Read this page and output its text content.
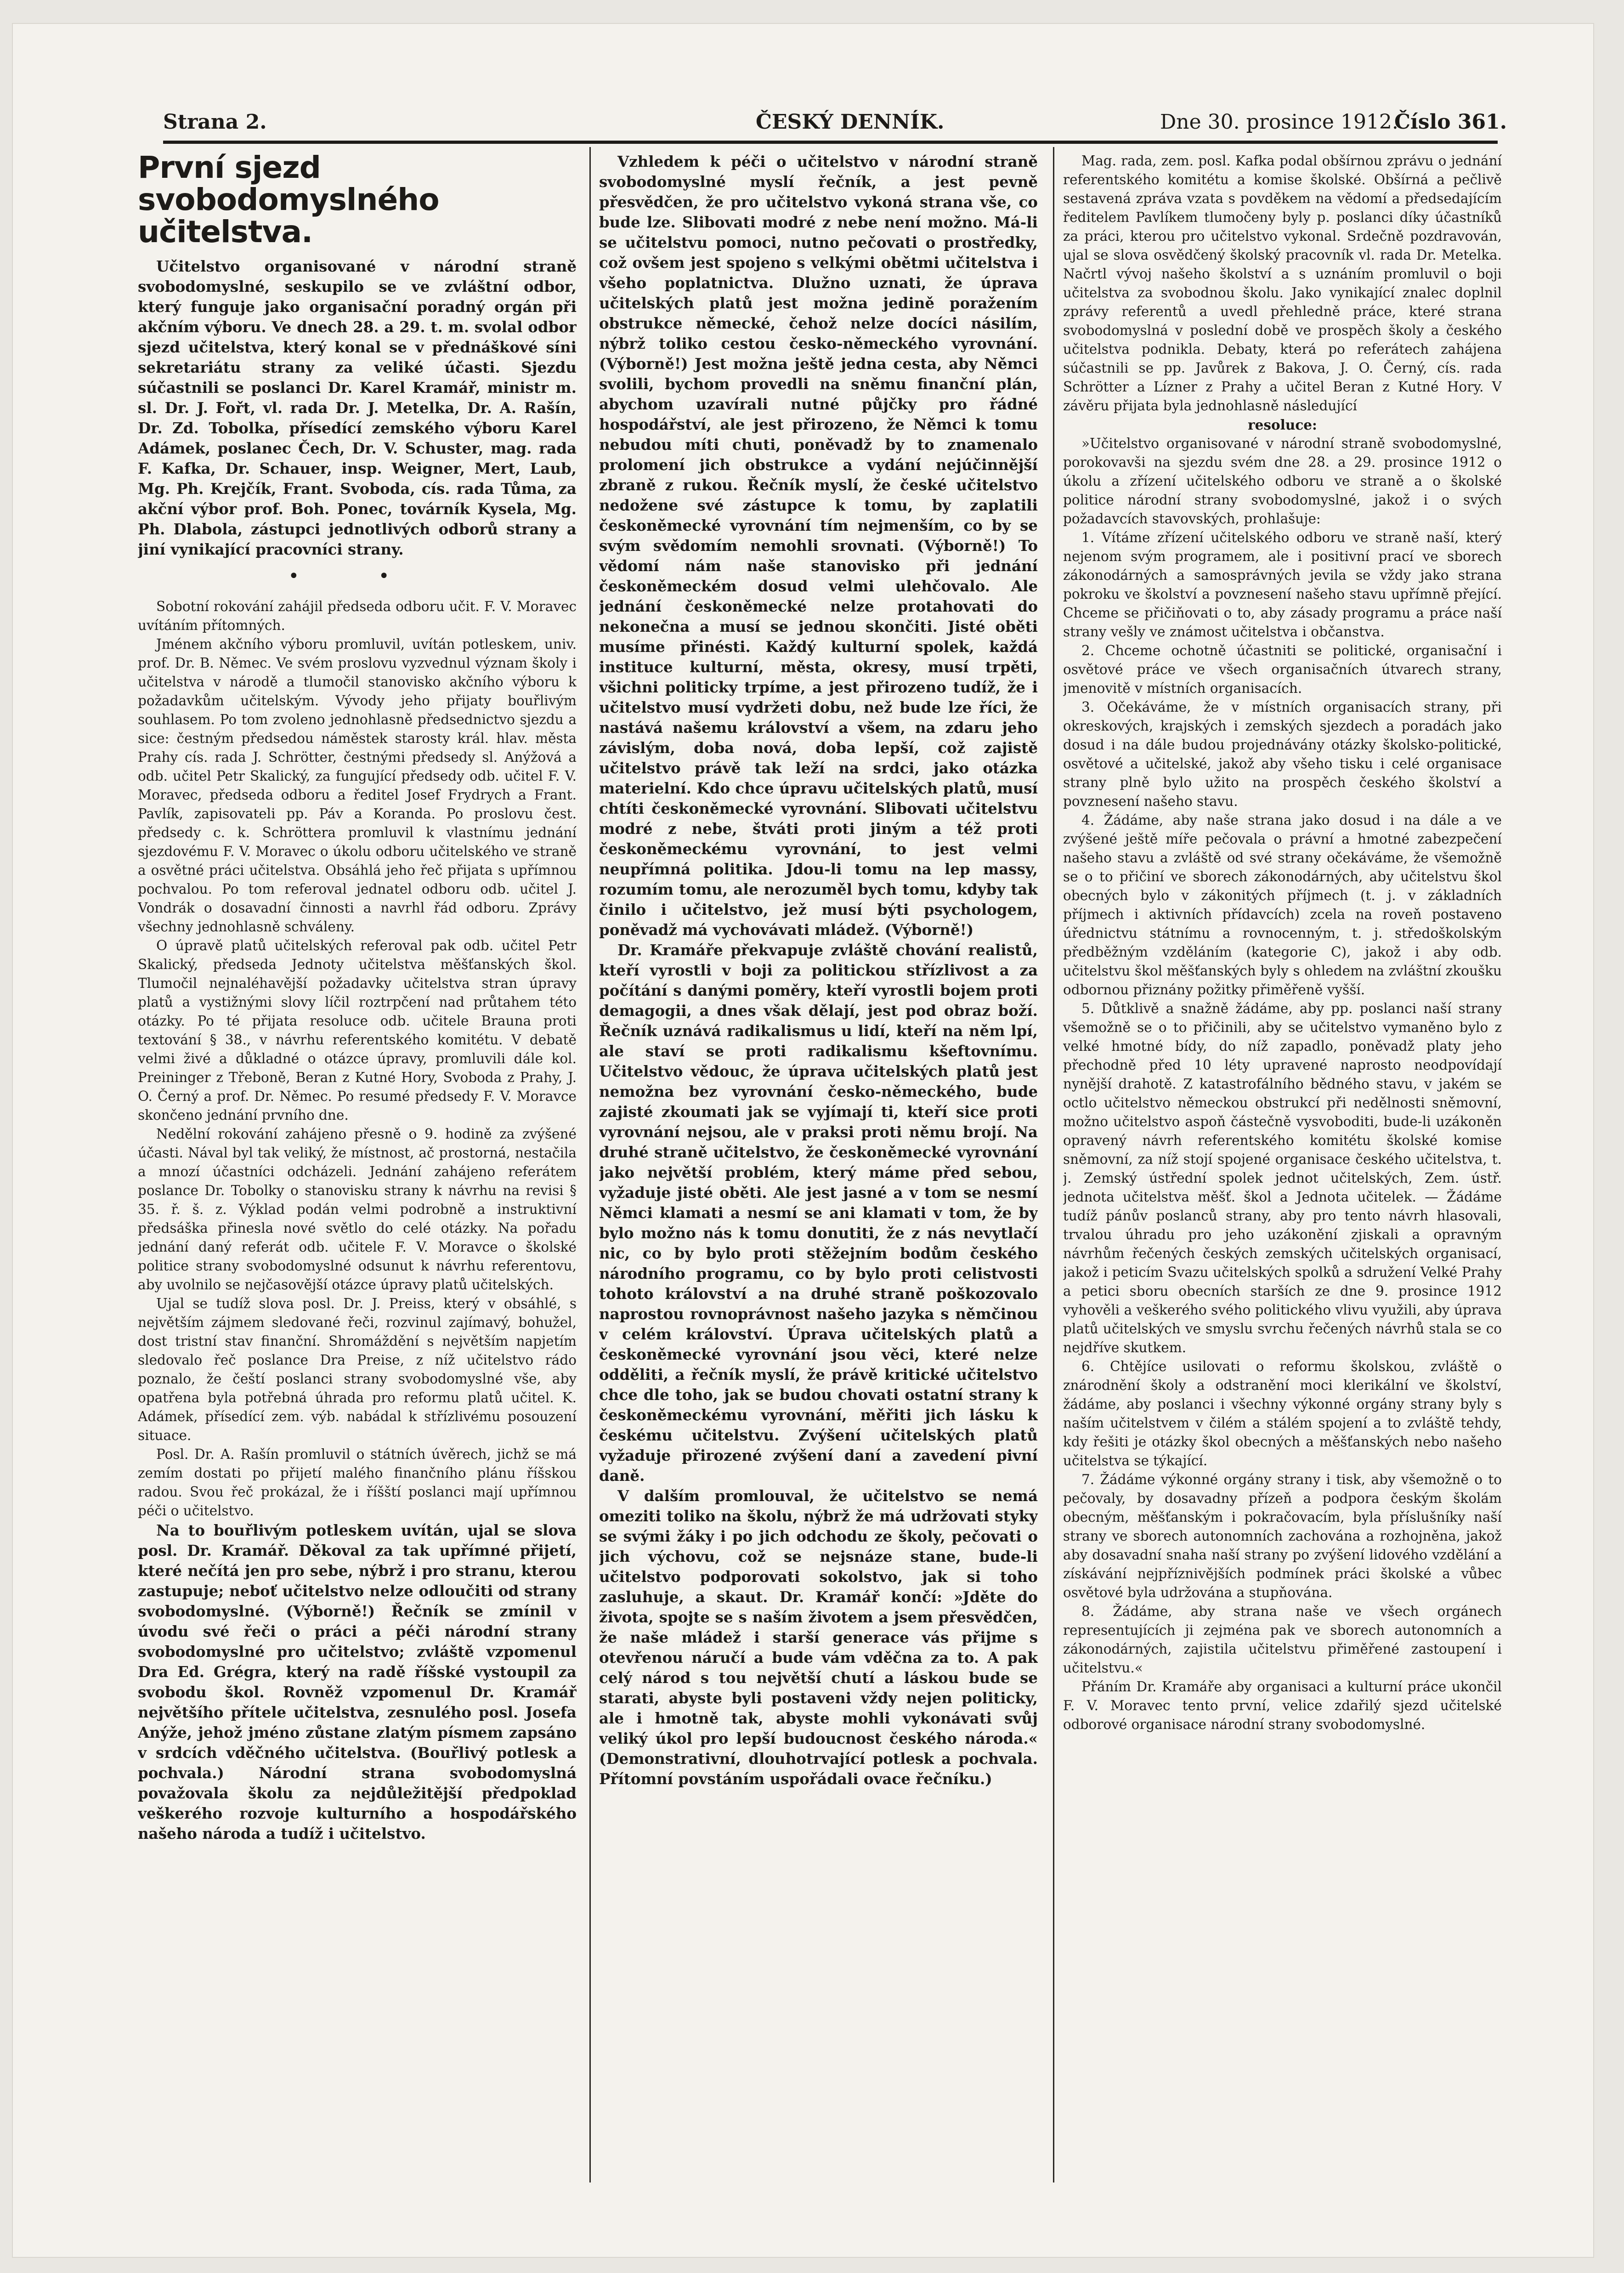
Strana 2.	ČESKÝ DENNÍK.	Dne 30. prosince 1912.
Číslo 361.
První sjezd svobodomyslného učitelstva.

Učitelstvo organisované v národní straně svobodomyslné, seskupilo se ve zvláštní odbor, který funguje jako organisační poradný orgán při akčním výboru. Ve dnech 28. a 29. t. m. svolal odbor sjezd učitelstva, který konal se v přednáškové síni sekretariátu strany za veliké účasti. Sjezdu súčastnili se poslanci Dr. Karel Kramář, ministr m. sl. Dr. J. Fořt, vl. rada Dr. J. Metelka, Dr. A. Rašín, Dr. Zd. Tobolka, přísedící zemského výboru Karel Adámek, poslanec Čech, Dr. V. Schuster, mag. rada F. Kafka, Dr. Schauer, insp. Weigner, Mert, Laub, Mg. Ph. Krejčík, Frant. Svoboda, cís. rada Tůma, za akční výbor prof. Boh. Ponec, továrník Kysela, Mg. Ph. Dlabola, zástupci jednotlivých odborů strany a jiní vynikající pracovníci strany.

• •

Sobotní rokování zahájil předseda odboru učit. F. V. Moravec uvítáním přítomných.

Jménem akčního výboru promluvil, uvítán potleskem, univ. prof. Dr. B. Němec. Ve svém proslovu vyzvednul význam školy i učitelstva v národě a tlumočil stanovisko akčního výboru k požadavkům učitelským. Vývody jeho přijaty bouřlivým souhlasem. Po tom zvoleno jednohlasně předsednictvo sjezdu a sice: čestným předsedou náměstek starosty král. hlav. města Prahy cís. rada J. Schrötter, čestnými předsedy sl. Anýžová a odb. učitel Petr Skalický, za fungující předsedy odb. učitel F. V. Moravec, předseda odboru a ředitel Josef Frydrych a Frant. Pavlík, zapisovateli pp. Páv a Koranda. Po proslovu čest. předsedy c. k. Schröttera promluvil k vlastnímu jednání sjezdovému F. V. Moravec o úkolu odboru učitelského ve straně a osvětné práci učitelstva. Obsáhlá jeho řeč přijata s upřímnou pochvalou. Po tom referoval jednatel odboru odb. učitel J. Vondrák o dosavadní činnosti a navrhl řád odboru. Zprávy všechny jednohlasně schváleny.

O úpravě platů učitelských referoval pak odb. učitel Petr Skalický, předseda Jednoty učitelstva měšťanských škol. Tlumočil nejnaléhavější požadavky učitelstva stran úpravy platů a vystižnými slovy líčil roztrpčení nad průtahem této otázky. Po té přijata resoluce odb. učitele Brauna proti textování § 38., v návrhu referentského komitétu. V debatě velmi živé a důkladné o otázce úpravy, promluvili dále kol. Preininger z Třeboně, Beran z Kutné Hory, Svoboda z Prahy, J. O. Černý a prof. Dr. Němec. Po resumé předsedy F. V. Moravce skončeno jednání prvního dne.

Nedělní rokování zahájeno přesně o 9. hodině za zvýšené účasti. Nával byl tak veliký, že místnost, ač prostorná, nestačila a mnozí účastníci odcházeli. Jednání zahájeno referátem poslance Dr. Tobolky o stanovisku strany k návrhu na revisi § 35. ř. š. z. Výklad podán velmi podrobně a instruktivní předsáška přinesla nové světlo do celé otázky. Na pořadu jednání daný referát odb. učitele F. V. Moravce o školské politice strany svobodomyslné odsunut k návrhu referentovu, aby uvolnilo se nejčasovější otázce úpravy platů učitelských.

Ujal se tudíž slova posl. Dr. J. Preiss, který v obsáhlé, s největším zájmem sledované řeči, rozvinul zajímavý, bohužel, dost tristní stav finanční. Shromáždění s největším napjetím sledovalo řeč poslance Dra Preise, z níž učitelstvo rádo poznalo, že čeští poslanci strany svobodomyslné vše, aby opatřena byla potřebná úhrada pro reformu platů učitel. K. Adámek, přísedící zem. výb. nabádal k střízlivému posouzení situace.

Posl. Dr. A. Rašín promluvil o státních úvěrech, jichž se má zemím dostati po přijetí malého finančního plánu říšskou radou. Svou řeč prokázal, že i říšští poslanci mají upřímnou péči o učitelstvo.

Na to bouřlivým potleskem uvítán, ujal se slova posl. Dr. Kramář. Děkoval za tak upřímné přijetí, které nečítá jen pro sebe, nýbrž i pro stranu, kterou zastupuje; neboť učitelstvo nelze odloučiti od strany svobodomyslné. (Výborně!) Řečník se zmínil v úvodu své řeči o práci a péči národní strany svobodomyslné pro učitelstvo; zvláště vzpomenul Dra Ed. Grégra, který na radě říšské vystoupil za svobodu škol. Rovněž vzpomenul Dr. Kramář největšího přítele učitelstva, zesnulého posl. Josefa Anýže, jehož jméno zůstane zlatým písmem zapsáno v srdcích vděčného učitelstva. (Bouřlivý potlesk a pochvala.) Národní strana svobodomyslná považovala školu za nejdůležitější předpoklad veškerého rozvoje kulturního a hospodářského našeho národa a tudíž i učitelstvo.

Vzhledem k péči o učitelstvo v národní straně svobodomyslné myslí řečník, a jest pevně přesvědčen, že pro učitelstvo vykoná strana vše, co bude lze. Slibovati modré z nebe není možno. Má-li se učitelstvu pomoci, nutno pečovati o prostředky, což ovšem jest spojeno s velkými obětmi učitelstva i všeho poplatnictva. Dlužno uznati, že úprava učitelských platů jest možna jedině poražením obstrukce německé, čehož nelze docíci násilím, nýbrž toliko cestou česko-německého vyrovnání. (Výborně!) Jest možna ještě jedna cesta, aby Němci svolili, bychom provedli na sněmu finanční plán, abychom uzavírali nutné půjčky pro řádné hospodářství, ale jest přirozeno, že Němci k tomu nebudou míti chuti, poněvadž by to znamenalo prolomení jich obstrukce a vydání nejúčinnější zbraně z rukou. Řečník myslí, že české učitelstvo nedožene své zástupce k tomu, by zaplatili českoněmecké vyrovnání tím nejmenším, co by se svým svědomím nemohli srovnati. (Výborně!) To vědomí nám naše stanovisko při jednání českoněmeckém dosud velmi ulehčovalo. Ale jednání českoněmecké nelze protahovati do nekonečna a musí se jednou skončiti. Jisté oběti musíme přinésti. Každý kulturní spolek, každá instituce kulturní, města, okresy, musí trpěti, všichni politicky trpíme, a jest přirozeno tudíž, že i učitelstvo musí vydržeti dobu, než bude lze říci, že nastává našemu království a všem, na zdaru jeho závislým, doba nová, doba lepší, což zajistě učitelstvo právě tak leží na srdci, jako otázka materielní. Kdo chce úpravu učitelských platů, musí chtíti českoněmecké vyrovnání. Slibovati učitelstvu modré z nebe, štváti proti jiným a též proti českoněmeckému vyrovnání, to jest velmi neupřímná politika. Jdou-li tomu na lep massy, rozumím tomu, ale nerozuměl bych tomu, kdyby tak činilo i učitelstvo, jež musí býti psychologem, poněvadž má vychovávati mládež. (Výborně!)

Dr. Kramáře překvapuje zvláště chování realistů, kteří vyrostli v boji za politickou střízlivost a za počítání s danými poměry, kteří vyrostli bojem proti demagogii, a dnes však dělají, jest pod obraz boží. Řečník uznává radikalismus u lidí, kteří na něm lpí, ale staví se proti radikalismu kšeftovnímu. Učitelstvo vědouc, že úprava učitelských platů jest nemožna bez vyrovnání česko-německého, bude zajisté zkoumati jak se vyjímají ti, kteří sice proti vyrovnání nejsou, ale v praksi proti němu brojí. Na druhé straně učitelstvo, že českoněmecké vyrovnání jako největší problém, který máme před sebou, vyžaduje jisté oběti. Ale jest jasné a v tom se nesmí Němci klamati a nesmí se ani klamati v tom, že by bylo možno nás k tomu donutiti, že z nás nevytlačí nic, co by bylo proti stěžejním bodům českého národního programu, co by bylo proti celistvosti tohoto království a na druhé straně poškozovalo naprostou rovnoprávnost našeho jazyka s němčinou v celém království. Úprava učitelských platů a českoněmecké vyrovnání jsou věci, které nelze odděliti, a řečník myslí, že právě kritické učitelstvo chce dle toho, jak se budou chovati ostatní strany k českoněmeckému vyrovnání, měřiti jich lásku k českému učitelstvu. Zvýšení učitelských platů vyžaduje přirozené zvýšení daní a zavedení pivní daně.

V dalším promlouval, že učitelstvo se nemá omeziti toliko na školu, nýbrž že má udržovati styky se svými žáky i po jich odchodu ze školy, pečovati o jich výchovu, což se nejsnáze stane, bude-li učitelstvo podporovati sokolstvo, jak si toho zasluhuje, a skaut. Dr. Kramář končí: »Jděte do života, spojte se s naším životem a jsem přesvědčen, že naše mládež i starší generace vás přijme s otevřenou náručí a bude vám vděčna za to. A pak celý národ s tou největší chutí a láskou bude se starati, abyste byli postaveni vždy nejen politicky, ale i hmotně tak, abyste mohli vykonávati svůj veliký úkol pro lepší budoucnost českého národa.« (Demonstrativní, dlouhotrvající potlesk a pochvala. Přítomní povstáním uspořádali ovace řečníku.)

Mag. rada, zem. posl. Kafka podal obšírnou zprávu o jednání referentského komitétu a komise školské. Obšírná a pečlivě sestavená zpráva vzata s povděkem na vědomí a předsedajícím ředitelem Pavlíkem tlumočeny byly p. poslanci díky účastníků za práci, kterou pro učitelstvo vykonal. Srdečně pozdravován, ujal se slova osvědčený školský pracovník vl. rada Dr. Metelka. Načrtl vývoj našeho školství a s uznáním promluvil o boji učitelstva za svobodnou školu. Jako vynikající znalec doplnil zprávy referentů a uvedl přehledně práce, které strana svobodomyslná v poslední době ve prospěch školy a českého učitelstva podnikla. Debaty, která po referátech zahájena súčastnili se pp. Javůrek z Bakova, J. O. Černý, cís. rada Schrötter a Lízner z Prahy a učitel Beran z Kutné Hory. V závěru přijata byla jednohlasně následující

resoluce:

»Učitelstvo organisované v národní straně svobodomyslné, porokovavši na sjezdu svém dne 28. a 29. prosince 1912 o úkolu a zřízení učitelského odboru ve straně a o školské politice národní strany svobodomyslné, jakož i o svých požadavcích stavovských, prohlašuje:

1. Vítáme zřízení učitelského odboru ve straně naší, který nejenom svým programem, ale i positivní prací ve sborech zákonodárných a samosprávných jevila se vždy jako strana pokroku ve školství a povznesení našeho stavu upřímně přející. Chceme se přičiňovati o to, aby zásady programu a práce naší strany vešly ve známost učitelstva i občanstva.

2. Chceme ochotně účastniti se politické, organisační i osvětové práce ve všech organisačních útvarech strany, jmenovitě v místních organisacích.

3. Očekáváme, že v místních organisacích strany, při okreskových, krajských i zemských sjezdech a poradách jako dosud i na dále budou projednávány otázky školsko-politické, osvětové a učitelské, jakož aby všeho tisku i celé organisace strany plně bylo užito na prospěch českého školství a povznesení našeho stavu.

4. Žádáme, aby naše strana jako dosud i na dále a ve zvýšené ještě míře pečovala o právní a hmotné zabezpečení našeho stavu a zvláště od své strany očekáváme, že všemožně se o to přičiní ve sborech zákonodárných, aby učitelstvu škol obecných bylo v zákonitých příjmech (t. j. v základních příjmech i aktivních přídavcích) zcela na roveň postaveno úřednictvu státnímu a rovnocenným, t. j. středoškolským předběžným vzděláním (kategorie C), jakož i aby odb. učitelstvu škol měšťanských byly s ohledem na zvláštní zkoušku odbornou přiznány požitky přiměřeně vyšší.

5. Důtklivě a snažně žádáme, aby pp. poslanci naší strany všemožně se o to přičinili, aby se učitelstvo vymaněno bylo z velké hmotné bídy, do níž zapadlo, poněvadž platy jeho přechodně před 10 léty upravené naprosto neodpovídají nynější drahotě. Z katastrofálního bědného stavu, v jakém se octlo učitelstvo německou obstrukcí při nedělnosti sněmovní, možno učitelstvo aspoň částečně vysvoboditi, bude-li uzákoněn opravený návrh referentského komitétu školské komise sněmovní, za níž stojí spojené organisace českého učitelstva, t. j. Zemský ústřední spolek jednot učitelských, Zem. ústř. jednota učitelstva měšť. škol a Jednota učitelek. — Žádáme tudíž pánův poslanců strany, aby pro tento návrh hlasovali, trvalou úhradu pro jeho uzákonění zjiskali a opravným návrhům řečených českých zemských učitelských organisací, jakož i peticím Svazu učitelských spolků a sdružení Velké Prahy a petici sboru obecních starších ze dne 9. prosince 1912 vyhověli a veškerého svého politického vlivu využili, aby úprava platů učitelských ve smyslu svrchu řečených návrhů stala se co nejdříve skutkem.

6. Chtějíce usilovati o reformu školskou, zvláště o znárodnění školy a odstranění moci klerikální ve školství, žádáme, aby poslanci i všechny výkonné orgány strany byly s naším učitelstvem v čilém a stálém spojení a to zvláště tehdy, kdy řešiti je otázky škol obecných a měšťanských nebo našeho učitelstva se týkající.

7. Žádáme výkonné orgány strany i tisk, aby všemožně o to pečovaly, by dosavadny přízeň a podpora českým školám obecným, měšťanským i pokračovacím, byla příslušníky naší strany ve sborech autonomních zachována a rozhojněna, jakož aby dosavadní snaha naší strany po zvýšení lidového vzdělání a získávání nejpříznivějších podmínek práci školské a vůbec osvětové byla udržována a stupňována.

8. Žádáme, aby strana naše ve všech orgánech representujících ji zejména pak ve sborech autonomních a zákonodárných, zajistila učitelstvu přiměřené zastoupení i učitelstvu.«

Přáním Dr. Kramáře aby organisaci a kulturní práce ukončil F. V. Moravec tento první, velice zdařilý sjezd učitelské odborové organisace národní strany svobodomyslné.
